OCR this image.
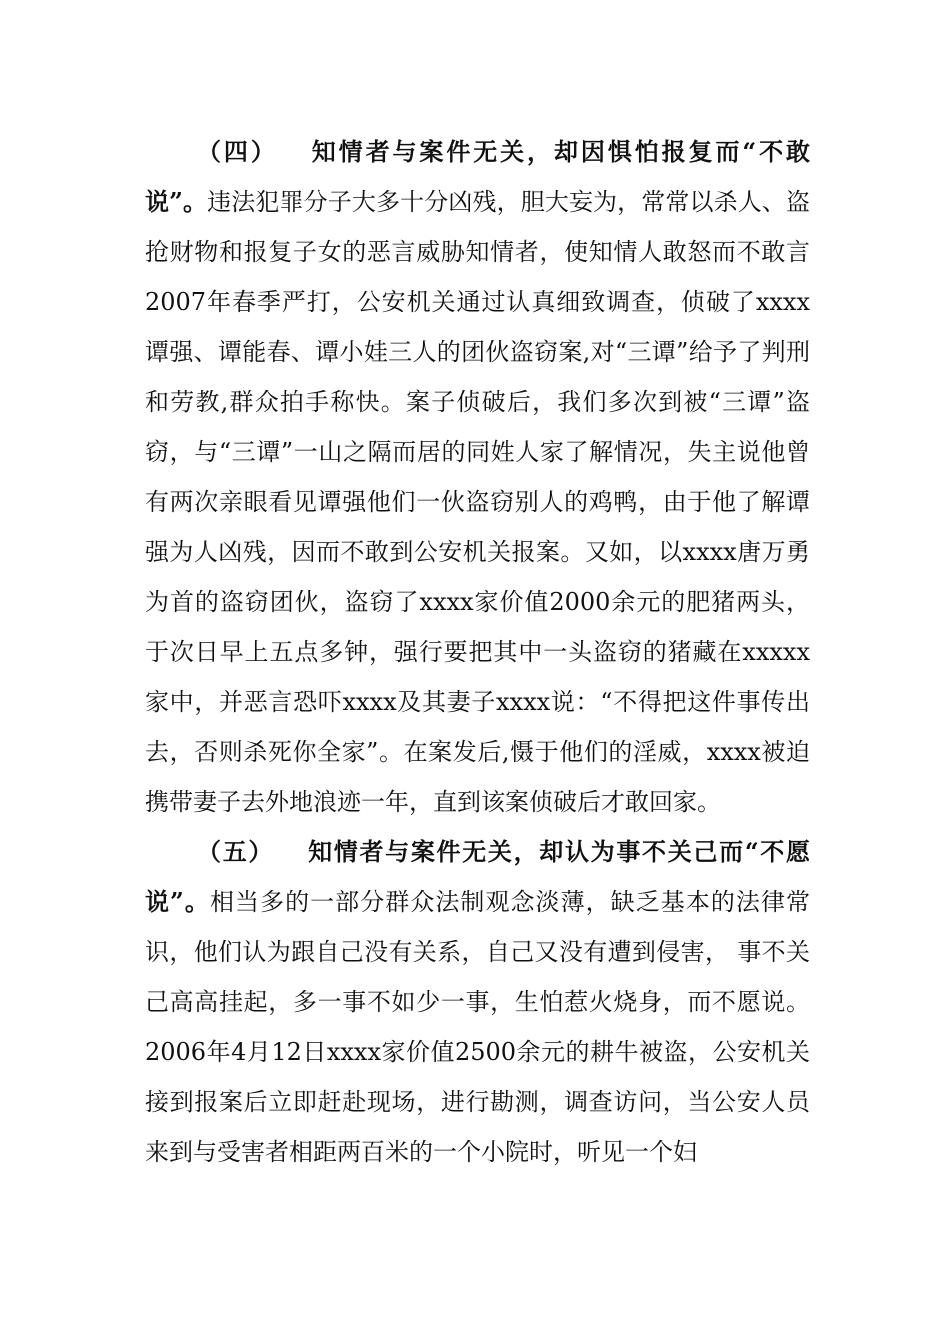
（四） 知情者与案件无关，却因惧怕报复而“不敢说”。违法犯罪分子大多十分凶残，胆大妄为，常常以杀人、盗抢财物和报复子女的恶言威胁知情者，使知情人敢怒而不敢言2007年春季严打，公安机关通过认真细致调查，侦破了xxxx谭强、谭能春、谭小娃三人的团伙盗窃案,对“三谭”给予了判刑和劳教,群众拍手称快。案子侦破后，我们多次到被“三谭”盗窃，与“三谭”一山之隔而居的同姓人家了解情况，失主说他曾有两次亲眼看见谭强他们一伙盗窃别人的鸡鸭，由于他了解谭强为人凶残，因而不敢到公安机关报案。又如，以xxxx唐万勇为首的盗窃团伙，盗窃了xxxx家价值2000余元的肥猪两头，于次日早上五点多钟，强行要把其中一头盗窃的猪藏在xxxxx家中，并恶言恐吓xxxx及其妻子xxxx说：“不得把这件事传出去，否则杀死你全家”。在案发后,慑于他们的淫威，xxxx被迫携带妻子去外地浪迹一年，直到该案侦破后才敢回家。

（五） 知情者与案件无关，却认为事不关己而“不愿说”。相当多的一部分群众法制观念淡薄，缺乏基本的法律常识，他们认为跟自己没有关系，自己又没有遭到侵害， 事不关己高高挂起，多一事不如少一事，生怕惹火烧身，而不愿说。2006年4月12日xxxx家价值2500余元的耕牛被盗，公安机关接到报案后立即赶赴现场，进行勘测，调查访问，当公安人员来到与受害者相距两百米的一个小院时，听见一个妇
